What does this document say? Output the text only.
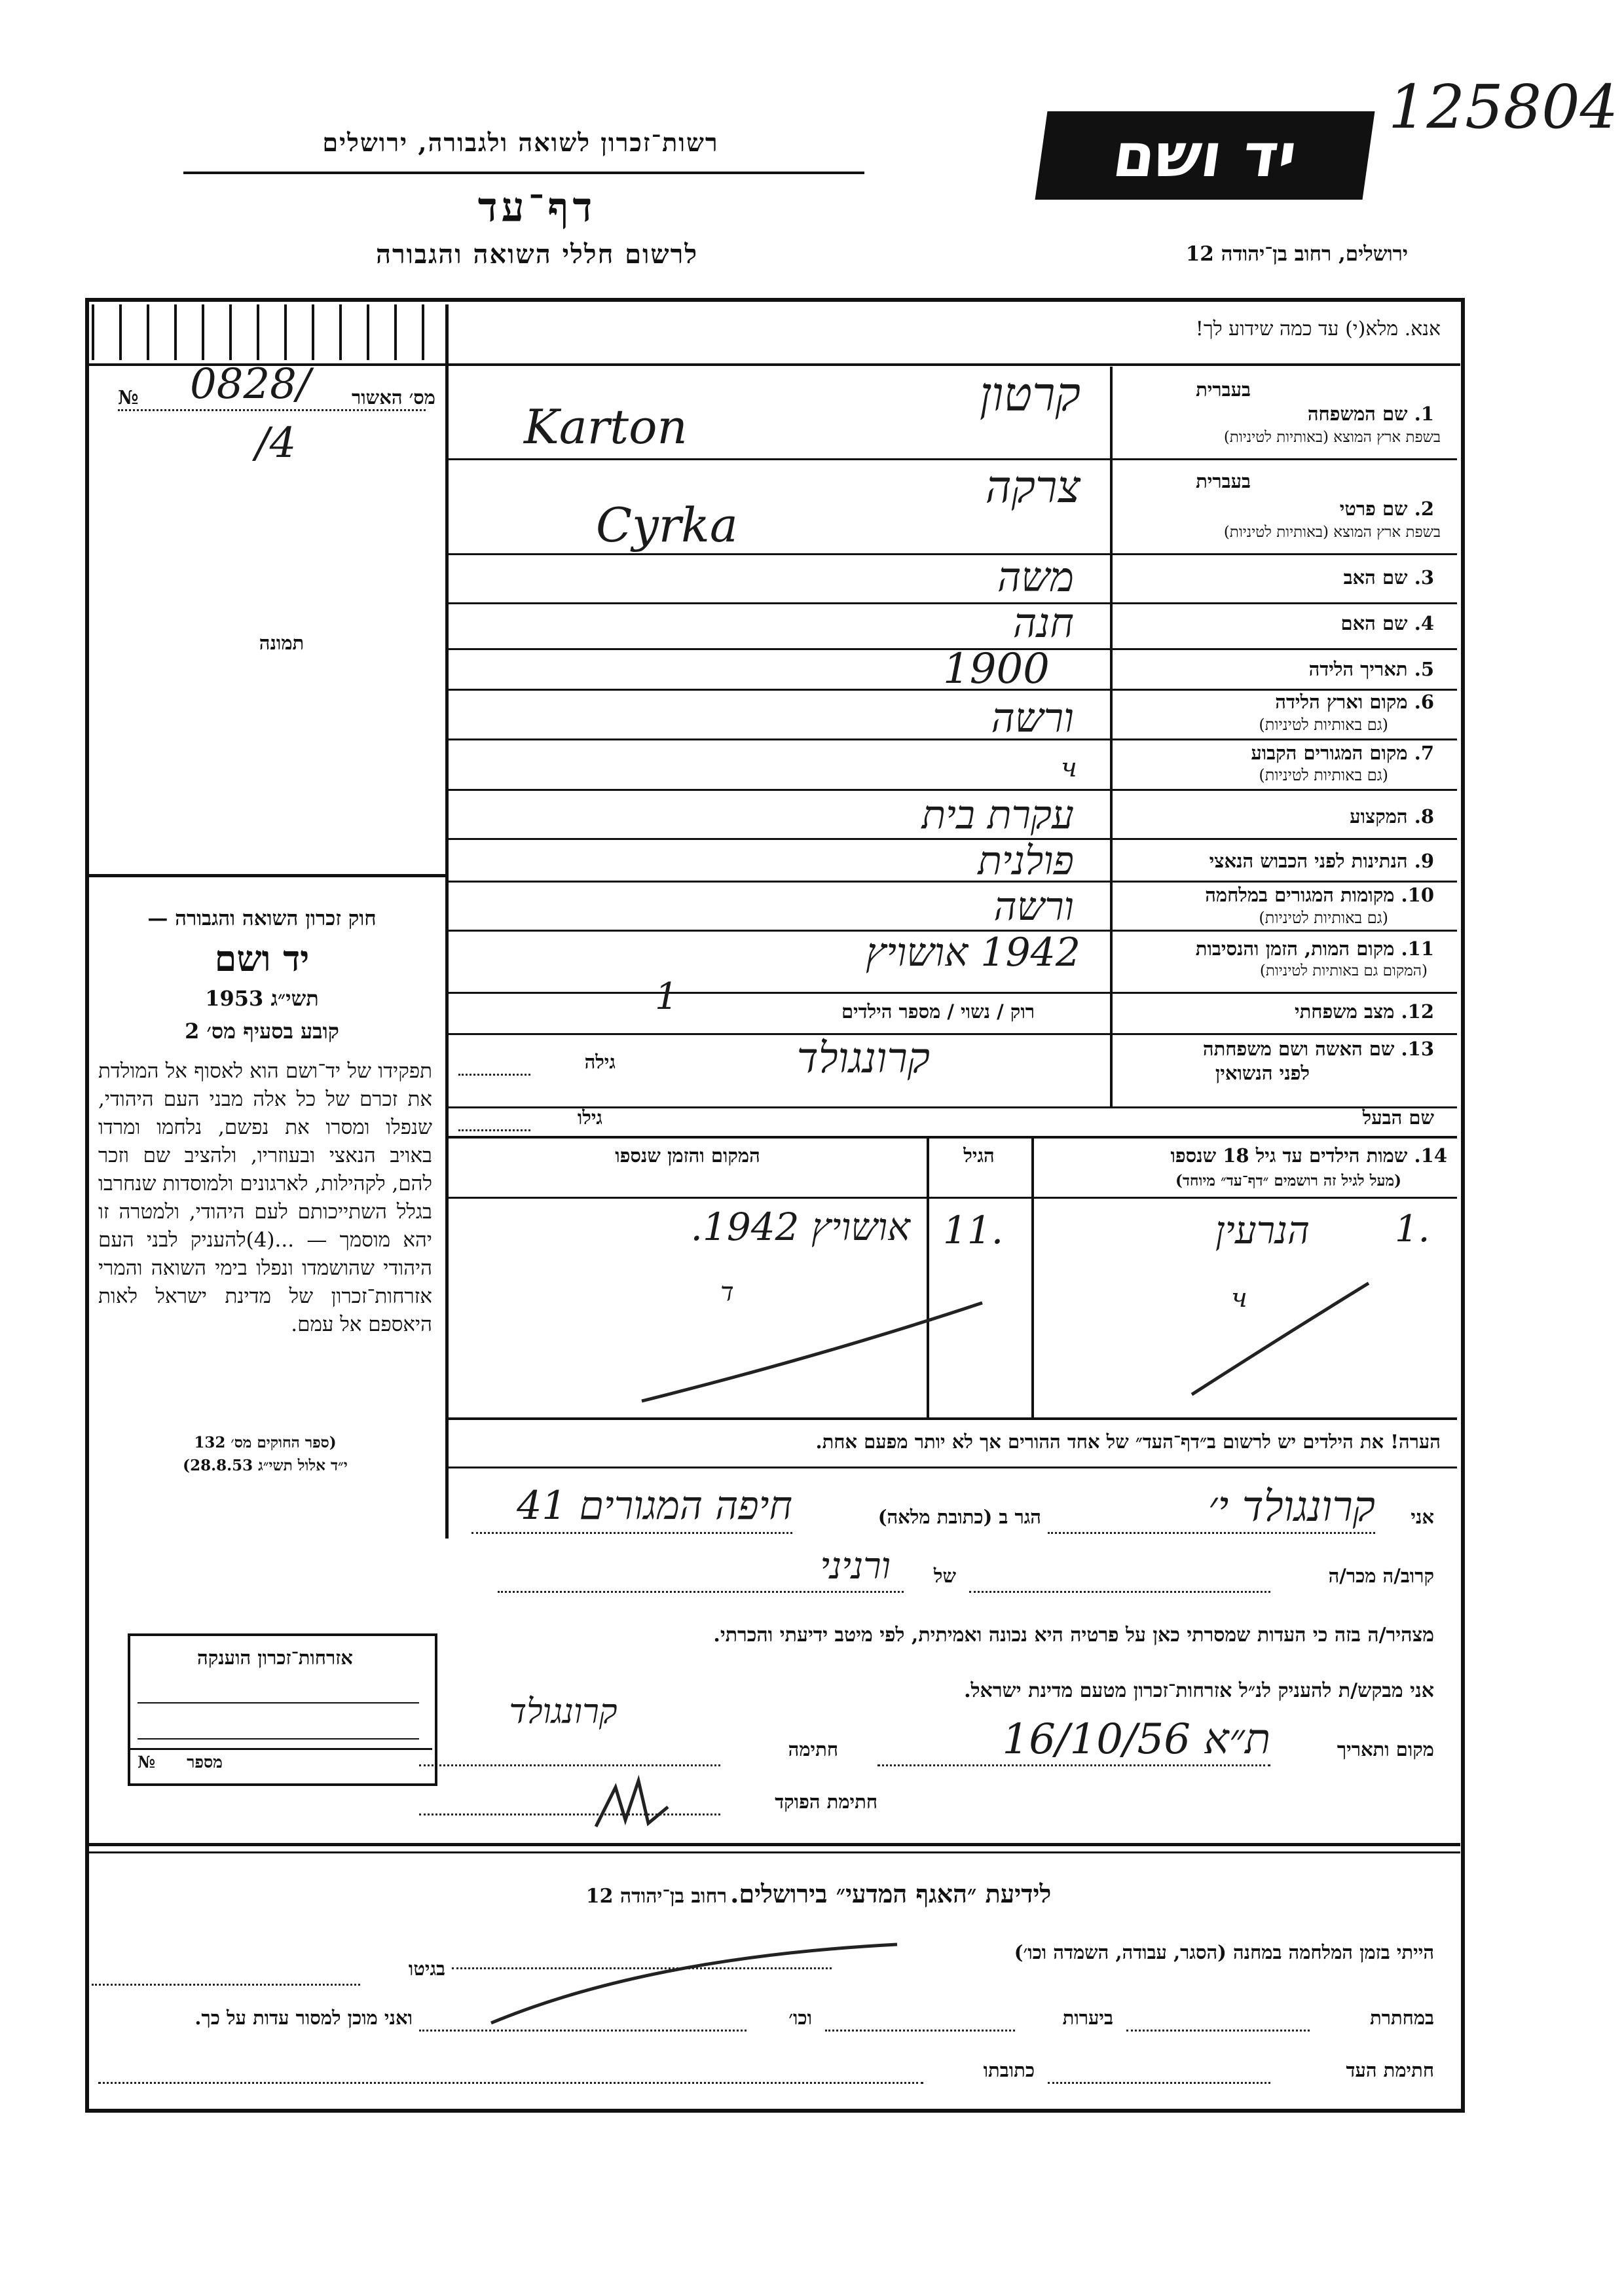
125804
רשות־זכרון לשואה ולגבורה, ירושלים
דף־עד
לרשום חללי השואה והגבורה
יד ושם
ירושלים, רחוב בן־יהודה 12
אנא. מלא(י) עד כמה שידוע לך!
מס׳ האשור
№ 0828/
/4
תמונה
חוק זכרון השואה והגבורה —
יד ושם
תשי״ג 1953
קובע בסעיף מס׳ 2
תפקידו של יד־ושם הוא לאסוף אל המולדת את זכרם של כל אלה מבני העם היהודי, שנפלו ומסרו את נפשם, נלחמו ומרדו באויב הנאצי ובעוזריו, ולהציב שם וזכר להם, לקהילות, לארגונים ולמוסדות שנחרבו בגלל השתייכותם לעם היהודי, ולמטרה זו יהא מוסמך — ...(4)להעניק לבני העם היהודי שהושמדו ונפלו בימי השואה והמרי אזרחות־זכרון של מדינת ישראל לאות היאספם אל עמם.
(ספר החוקים מס׳ 132
י״ד אלול תשי״ג 28.8.53)
בעברית
1. שם המשפחה
בשפת ארץ המוצא (באותיות לטיניות)
קרטון
Karton
בעברית
2. שם פרטי
בשפת ארץ המוצא (באותיות לטיניות)
צרקה
Cyrka
3. שם האב
משה
4. שם האם
חנה
5. תאריך הלידה
1900
6. מקום וארץ הלידה
(גם באותיות לטיניות)
ורשה
7. מקום המגורים הקבוע
(גם באותיות לטיניות)
ч
8. המקצוע
עקרת בית
9. הנתינות לפני הכבוש הנאצי
פולנית
10. מקומות המגורים במלחמה
(גם באותיות לטיניות)
ורשה
11. מקום המות, הזמן והנסיבות
(המקום גם באותיות לטיניות)
1942 אושויץ
12. מצב משפחתי
רוק / נשוי / מספר הילדים
1
13. שם האשה ושם משפחתה
לפני הנשואין
גילה	קרונגולד
שם הבעל
גילו
14. שמות הילדים עד גיל 18 שנספו
(מעל לגיל זה רושמים ״דף־עד״ מיוחד)
הגיל
המקום והזמן שנספו
1.
הנרעין
11.
אושויץ 1942.
ч
ד
הערה! את הילדים יש לרשום ב״דף־העד״ של אחד ההורים אך לא יותר מפעם אחת.
אני
קרונגולד י׳
הגר ב (כתובת מלאה)
חיפה המגורים 41
קרוב/ה מכר/ה
של
ורניני
מצהיר/ה בזה כי העדות שמסרתי כאן על פרטיה היא נכונה ואמיתית, לפי מיטב ידיעתי והכרתי.
אני מבקש/ת להעניק לנ״ל אזרחות־זכרון מטעם מדינת ישראל.
מקום ותאריך
ת״א 16/10/56
חתימה
קרונגולד
חתימת הפוקד
אזרחות־זכרון הוענקה
מספר
№
לידיעת ״האגף המדעי״ בירושלים. רחוב בן־יהודה 12
הייתי בזמן המלחמה במחנה (הסגר, עבודה, השמדה וכו׳)
בגיטו
במחתרת
ביערות
וכו׳
ואני מוכן למסור עדות על כך.
חתימת העד
כתובתו
